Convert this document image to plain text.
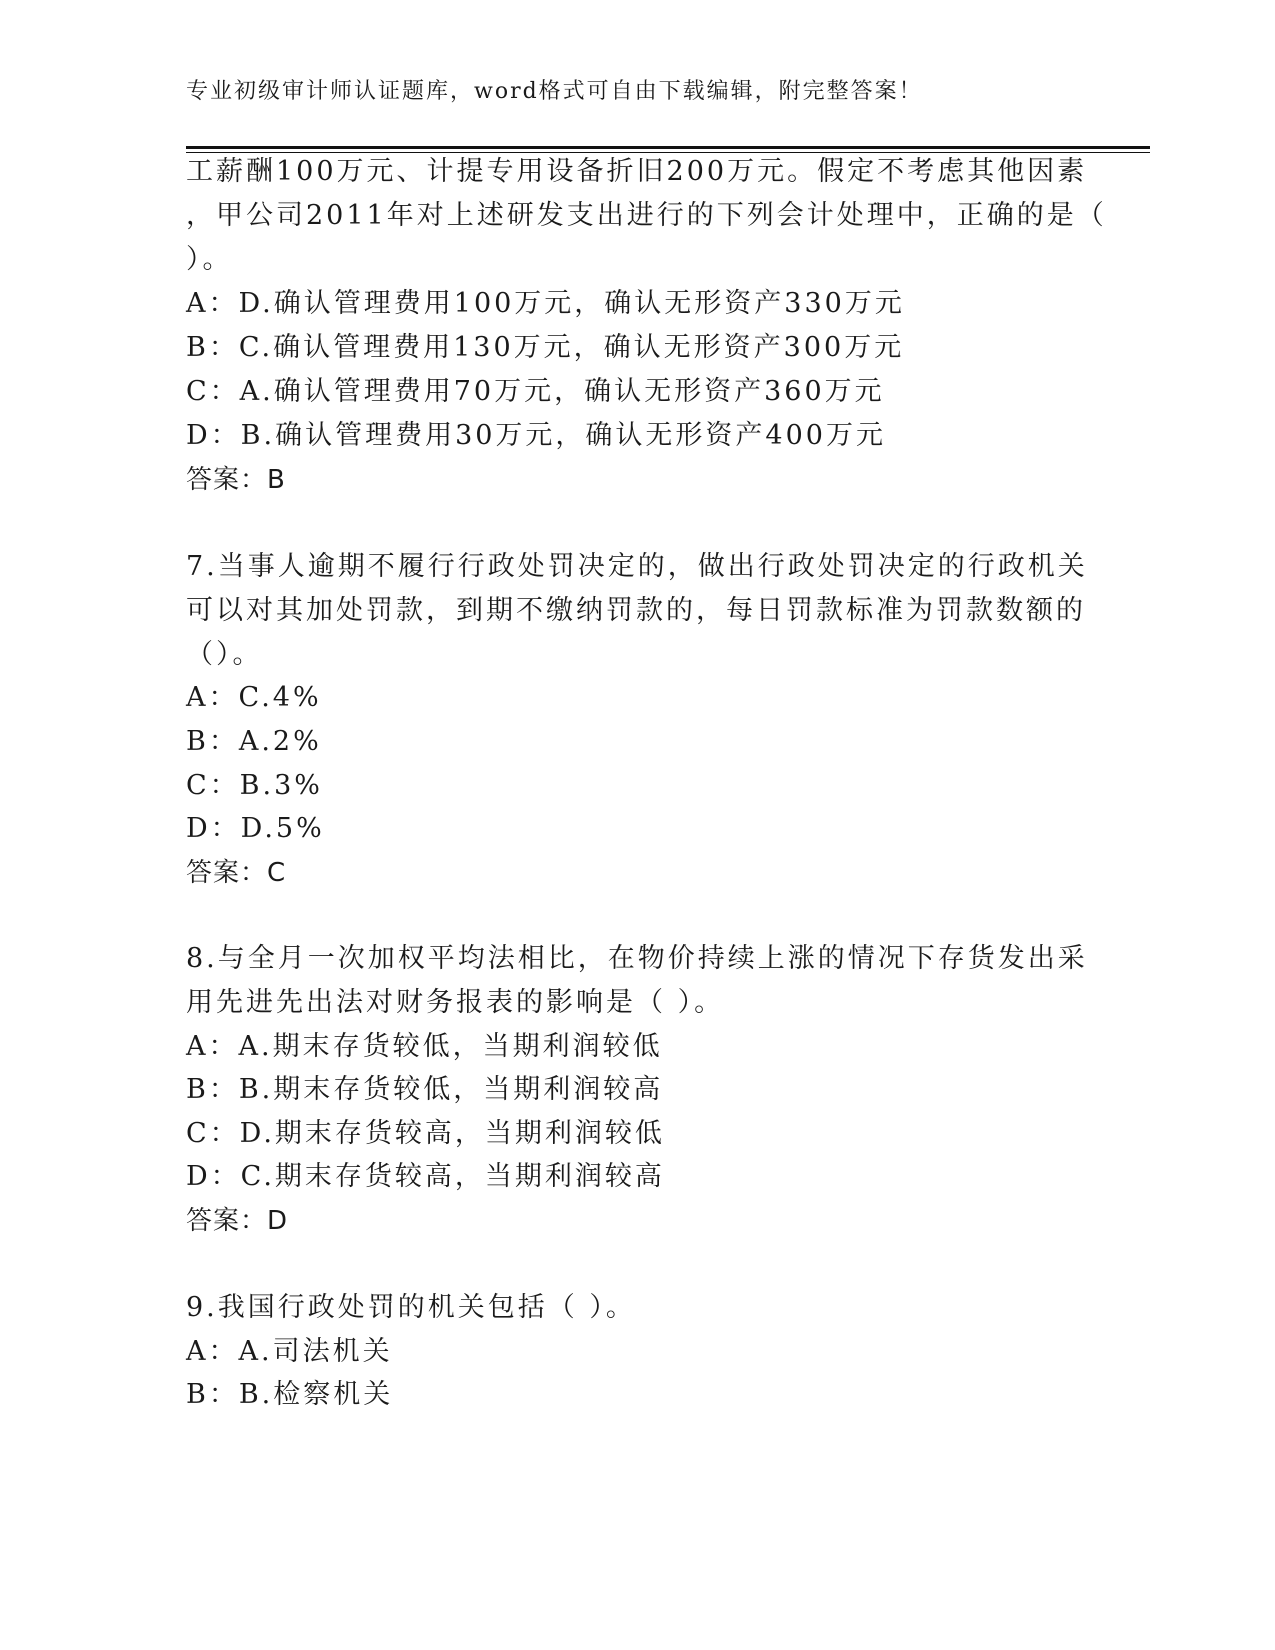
专业初级审计师认证题库，word格式可自由下载编辑，附完整答案！
工薪酬100万元、计提专用设备折旧200万元。假定不考虑其他因素
，甲公司2011年对上述研发支出进行的下列会计处理中，正确的是（
）。
A：D.确认管理费用100万元，确认无形资产330万元
B：C.确认管理费用130万元，确认无形资产300万元
C：A.确认管理费用70万元，确认无形资产360万元
D：B.确认管理费用30万元，确认无形资产400万元
答案：B
7.当事人逾期不履行行政处罚决定的，做出行政处罚决定的行政机关
可以对其加处罚款，到期不缴纳罚款的，每日罚款标准为罚款数额的
（）。
A：C.4%
B：A.2%
C：B.3%
D：D.5%
答案：C
8.与全月一次加权平均法相比，在物价持续上涨的情况下存货发出采
用先进先出法对财务报表的影响是（ ）。
A：A.期末存货较低，当期利润较低
B：B.期末存货较低，当期利润较高
C：D.期末存货较高，当期利润较低
D：C.期末存货较高，当期利润较高
答案：D
9.我国行政处罚的机关包括（ ）。
A：A.司法机关
B：B.检察机关
